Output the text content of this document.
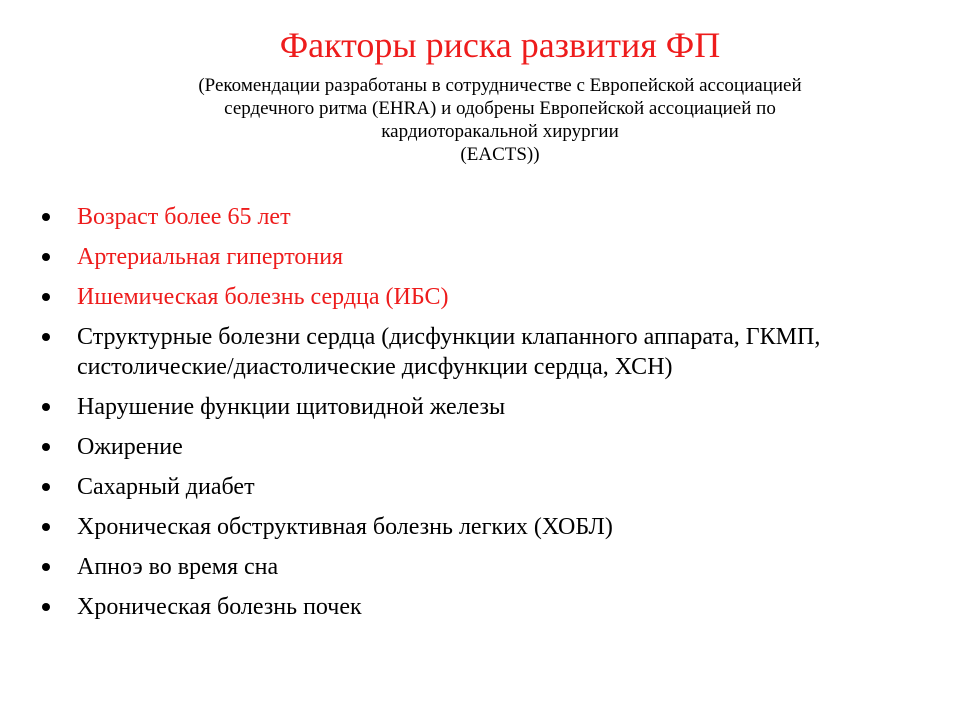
Факторы риска развития ФП
(Рекомендации разработаны в сотрудничестве с Европейской ассоциацией
сердечного ритма (EHRA) и одобрены Европейской ассоциацией по
кардиоторакальной хирургии
(EACTS))
Возраст более 65 лет
Артериальная гипертония
Ишемическая болезнь сердца (ИБС)
Структурные болезни сердца (дисфункции клапанного аппарата, ГКМП, систолические/диастолические дисфункции сердца, ХСН)
Нарушение функции щитовидной железы
Ожирение
Сахарный диабет
Хроническая обструктивная болезнь легких (ХОБЛ)
Апноэ во время сна
Хроническая болезнь почек
